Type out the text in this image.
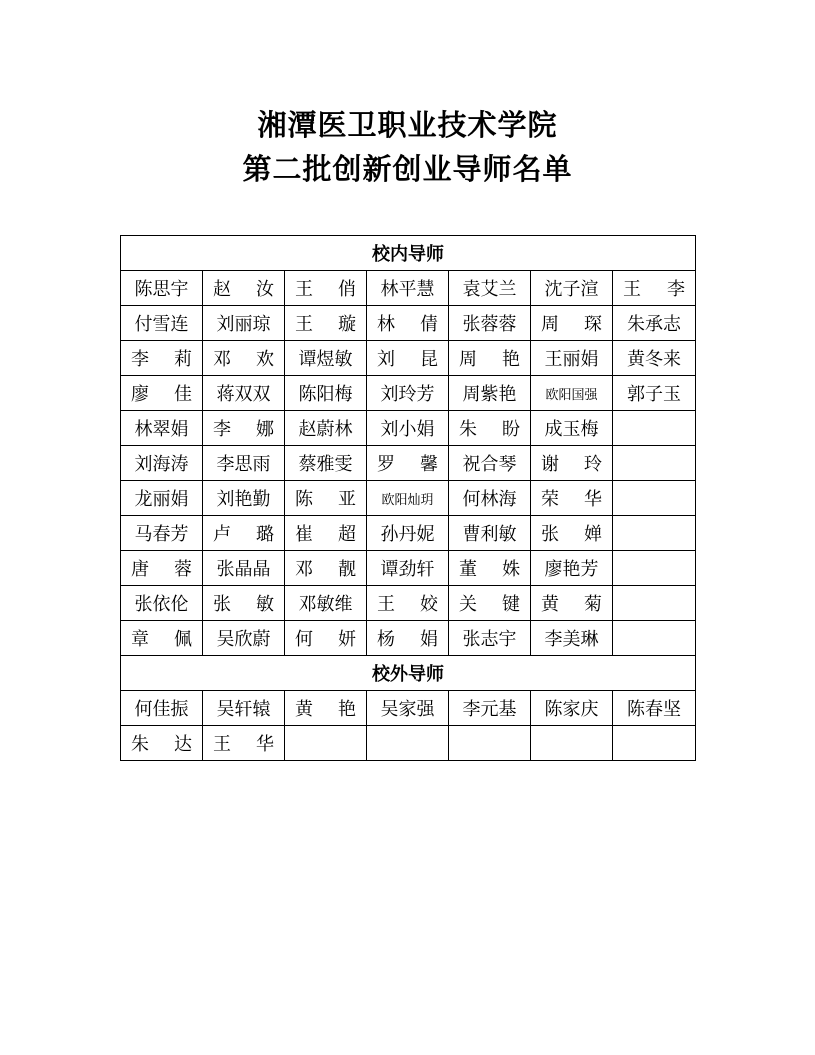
湘潭医卫职业技术学院
第二批创新创业导师名单
校内导师						
陈思宇	赵 汝	王 俏	林平慧	袁艾兰	沈子渲	王 李

付雪连	刘丽琼	王 璇	林 倩	张蓉蓉	周 琛	朱承志

李 莉	邓 欢	谭煜敏	刘 昆	周 艳	王丽娟	黄冬来

廖 佳	蒋双双	陈阳梅	刘玲芳	周紫艳	欧阳国强	郭子玉
林翠娟	李 娜	赵蔚林	刘小娟	朱 盼	成玉梅	
刘海涛	李思雨	蔡雅雯	罗 馨	祝合琴	谢 玲	

龙丽娟	刘艳勤	陈 亚	欧阳灿玥	何林海	荣 华	

马春芳	卢 璐	崔 超	孙丹妮	曹利敏	张 婵	

唐 蓉	张晶晶	邓 靓	谭劲轩	董 姝	廖艳芳	
张依伦	张 敏	邓敏维	王 姣	关 键	黄 菊	

章 佩	吴欣蔚	何 妍	杨 娟	张志宇	李美琳	
校外导师						
何佳振	吴轩辕	黄 艳	吴家强	李元基	陈家庆	陈春坚

朱 达	王 华					
